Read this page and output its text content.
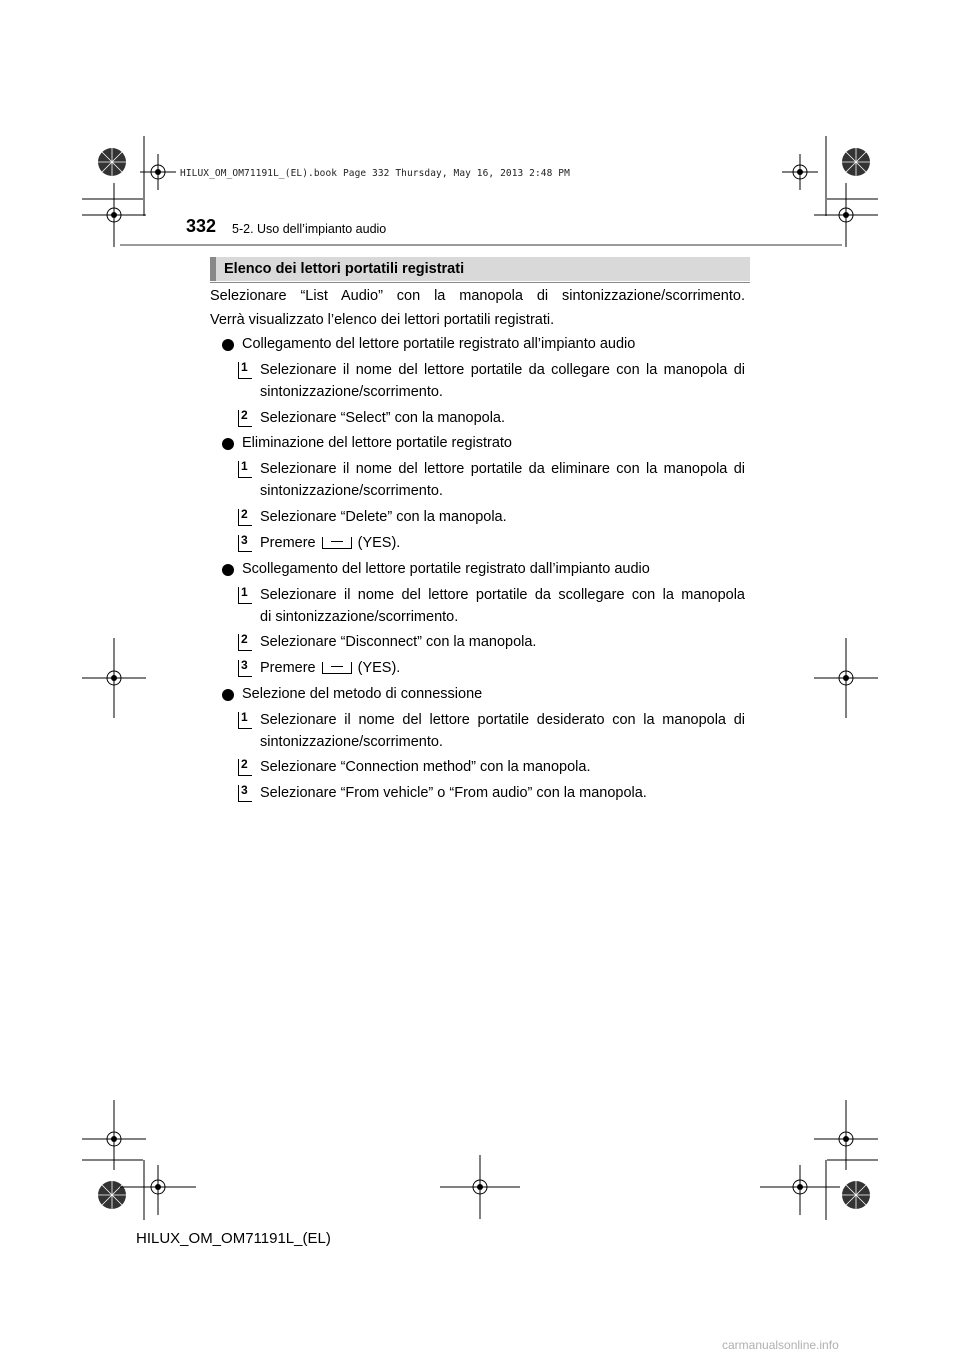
HILUX_OM_OM71191L_(EL).book Page 332 Thursday, May 16, 2013 2:48 PM
332 5-2. Uso dell’impianto audio
Elenco dei lettori portatili registrati
Selezionare “List Audio” con la manopola di sintonizzazione/scorrimento.
Verrà visualizzato l’elenco dei lettori portatili registrati.
Collegamento del lettore portatile registrato all’impianto audio
1 Selezionare il nome del lettore portatile da collegare con la manopola di
sintonizzazione/scorrimento.
2 Selezionare “Select” con la manopola.
Eliminazione del lettore portatile registrato
1 Selezionare il nome del lettore portatile da eliminare con la manopola di
sintonizzazione/scorrimento.
2 Selezionare “Delete” con la manopola.
3 Premere	(YES).
Scollegamento del lettore portatile registrato dall’impianto audio
1 Selezionare il nome del lettore portatile da scollegare con la manopola
di sintonizzazione/scorrimento.
2 Selezionare “Disconnect” con la manopola.
3 Premere	(YES).
Selezione del metodo di connessione
1 Selezionare il nome del lettore portatile desiderato con la manopola di
sintonizzazione/scorrimento.
2 Selezionare “Connection method” con la manopola.
3 Selezionare “From vehicle” o “From audio” con la manopola.
HILUX_OM_OM71191L_(EL)
carmanualsonline.info
